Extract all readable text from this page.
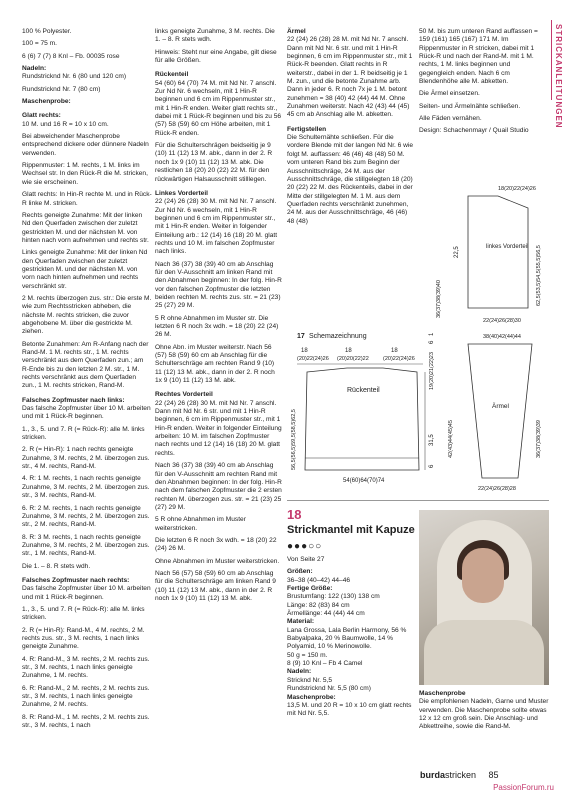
STRICKANLEITUNGEN

100 % Polyester.

100 = 75 m.

6 (6) 7 (7) 8 Knl – Fb. 00035 rose

Nadeln:

Rundstricknd Nr. 6 (80 und 120 cm)

Rundstricknd Nr. 7 (80 cm)

Maschenprobe:
Glatt rechts:

10 M. und 16 R = 10 x 10 cm.

Bei abweichender Maschenprobe entsprechend dickere oder dünnere Nadeln verwenden.

Rippenmuster: 1 M. rechts, 1 M. links im Wechsel str. In den Rück-R die M. stricken, wie sie erscheinen.

Glatt rechts: In Hin-R rechte M. und in Rück-R linke M. stricken.

Rechts geneigte Zunahme: Mit der linken Nd den Querfaden zwischen der zuletzt gestrickten M. und der nächsten M. von hinten nach vorn aufnehmen und rechts str.

Links geneigte Zunahme: Mit der linken Nd den Querfaden zwischen der zuletzt gestrickten M. und der nächsten M. von vorn nach hinten aufnehmen und rechts verschränkt str.

2 M. rechts überzogen zus. str.: Die erste M. wie zum Rechtsstricken abheben, die nächste M. rechts stricken, die zuvor abgehobene M. über die gestrickte M. ziehen.

Betonte Zunahmen: Am R-Anfang nach der Rand-M. 1 M. rechts str., 1 M. rechts verschränkt aus dem Querfaden zun.; am R-Ende bis zu den letzten 2 M. str., 1 M. rechts verschränkt aus dem Querfaden zun., 1 M. rechts stricken, Rand-M.

Falsches Zopfmuster nach links:

Das falsche Zopfmuster über 10 M. arbeiten und mit 1 Rück-R beginnen.

1., 3., 5. und 7. R (= Rück-R): alle M. links stricken.

2. R (= Hin-R): 1 nach rechts geneigte Zunahme, 3 M. rechts, 2 M. überzogen zus. str., 4 M. rechts, Rand-M.

4. R: 1 M. rechts, 1 nach rechts geneigte Zunahme, 3 M. rechts, 2 M. überzogen zus. str., 3 M. rechts, Rand-M.

6. R: 2 M. rechts, 1 nach rechts geneigte Zunahme, 3 M. rechts, 2 M. überzogen zus. str., 2 M. rechts, Rand-M.

8. R: 3 M. rechts, 1 nach rechts geneigte Zunahme, 3 M. rechts, 2 M. überzogen zus. str., 1 M. rechts, Rand-M.

Die 1. – 8. R stets wdh.

Falsches Zopfmuster nach rechts:

Das falsche Zopfmuster über 10 M. arbeiten und mit 1 Rück-R beginnen.

1., 3., 5. und 7. R (= Rück-R): alle M. links stricken.

2. R (= Hin-R): Rand-M., 4 M. rechts, 2 M. rechts zus. str., 3 M. rechts, 1 nach links geneigte Zunahme.

4. R: Rand-M., 3 M. rechts, 2 M. rechts zus. str., 3 M. rechts, 1 nach links geneigte Zunahme, 1 M. rechts.

6. R: Rand-M., 2 M. rechts, 2 M. rechts zus. str., 3 M. rechts, 1 nach links geneigte Zunahme, 2 M. rechts.

8. R: Rand-M., 1 M. rechts, 2 M. rechts zus. str., 3 M. rechts, 1 nach

links geneigte Zunahme, 3 M. rechts. Die 1. – 8. R stets wdh.

Hinweis: Steht nur eine Angabe, gilt diese für alle Größen.

Rückenteil

54 (60) 64 (70) 74 M. mit Nd Nr. 7 anschl. Zur Nd Nr. 6 wechseln, mit 1 Hin-R beginnen und 6 cm im Rippenmuster str., mit 1 Hin-R enden. Weiter glatt rechts str., dabei mit 1 Rück-R beginnen und bis zu 56 (57) 58 (59) 60 cm Höhe arbeiten, mit 1 Rück-R enden.

Für die Schulterschrägen beidseitig je 9 (10) 11 (12) 13 M. abk., dann in der 2. R noch 1x 9 (10) 11 (12) 13 M. abk. Die restlichen 18 (20) 20 (22) 22 M. für den rückwärtigen Halsausschnitt stilllegen.

Linkes Vorderteil

22 (24) 26 (28) 30 M. mit Nd Nr. 7 anschl. Zur Nd Nr. 6 wechseln, mit 1 Hin-R beginnen und 6 cm im Rippenmuster str., mit 1 Hin-R enden. Weiter in folgender Einteilung arb.: 12 (14) 16 (18) 20 M. glatt rechts und 10 M. im falschen Zopfmuster nach links.

Nach 36 (37) 38 (39) 40 cm ab Anschlag für den V-Ausschnitt am linken Rand mit den Abnahmen beginnen: In der folg. Hin-R vor den falschen Zopfmuster die letzten beiden rechten M. rechts zus. str. = 21 (23) 25 (27) 29 M.

5 R ohne Abnahmen im Muster str. Die letzten 6 R noch 3x wdh. = 18 (20) 22 (24) 26 M.

Ohne Abn. im Muster weiterstr. Nach 56 (57) 58 (59) 60 cm ab Anschlag für die Schulterschräge am rechten Rand 9 (10) 11 (12) 13 M. abk., dann in der 2. R noch 1x 9 (10) 11 (12) 13 M. abk.

Rechtes Vorderteil

22 (24) 26 (28) 30 M. mit Nd Nr. 7 anschl. Dann mit Nd Nr. 6 str. und mit 1 Hin-R beginnen, 6 cm im Rippenmuster str., mit 1 Hin-R enden. Weiter in folgender Einteilung arbeiten: 10 M. im falschen Zopfmuster nach rechts und 12 (14) 16 (18) 20 M. glatt rechts.

Nach 36 (37) 38 (39) 40 cm ab Anschlag für den V-Ausschnitt am rechten Rand mit den Abnahmen beginnen: In der folg. Hin-R nach dem falschen Zopfmuster die 2 ersten rechten M. überzogen zus. str. = 21 (23) 25 (27) 29 M.

5 R ohne Abnahmen im Muster weiterstricken.

Die letzten 6 R noch 3x wdh. = 18 (20) 22 (24) 26 M.

Ohne Abnahmen im Muster weiterstricken.

Nach 56 (57) 58 (59) 60 cm ab Anschlag für die Schulterschräge am linken Rand 9 (10) 11 (12) 13 M. abk., dann in der 2. R noch 1x 9 (10) 11 (12) 13 M. abk.

Ärmel

22 (24) 26 (28) 28 M. mit Nd Nr. 7 anschl. Dann mit Nd Nr. 6 str. und mit 1 Hin-R beginnen, 6 cm im Rippenmuster str., mit 1 Rück-R beenden. Glatt rechts in R weiterstr., dabei in der 1. R beidseitig je 1 M. zun., und die betonte Zunahme arb. Dann in jeder 6. R noch 7x je 1 M. betont zunehmen = 38 (40) 42 (44) 44 M. Ohne Zunahmen weiterstr. Nach 42 (43) 44 (45) 45 cm ab Anschlag alle M. abketten.

Fertigstellen

Die Schulternähte schließen. Für die vordere Blende mit der langen Nd Nr. 6 wie folgt M. auffassen: 46 (46) 48 (48) 50 M. vom unteren Rand bis zum Beginn der Ausschnittschräge, 24 M. aus der Ausschnittschräge, die stillgelegten 18 (20) 20 (22) 22 M. des Rückenteils, dabei in der Mitte der stillgelegten M. 1 M. aus dem Querfaden rechts verschränkt zunehmen, 24 M. aus der Ausschnittschräge, 46 (46) 48 (48)

50 M. bis zum unteren Rand auffassen = 159 (161) 165 (167) 171 M. Im Rippenmuster in R stricken, dabei mit 1 Rück-R und nach der Rand-M. mit 1 M. rechts, 1 M. links beginnen und gegengleich enden. Nach 6 cm Blendenhöhe alle M. abketten.

Die Ärmel einsetzen.

Seiten- und Ärmelnähte schließen.

Alle Fäden vernähen.

Design: Schachenmayr / Quail Studio

17 Schemazeichnung
18
(20)22(24)26
18
(20)20(22)22
18
(20)22(24)26
Rückenteil
56,5(56,5)59,5(58,5)62,5
54(60)64(70)74
31,5
19(20)21(22)23
6
6
1
18(20)22(24)26
22,5	linkes Vorderteil 62,5(53,5)54,5(55,5)56,5
36(37)38(39)40
22(24)26(28)30
38(40)42(44)44
Ärmel
42(43)44(45)45	36(37)38(39)39
22(24)26(28)28
18
Strickmantel mit Kapuze
●●●○○

Von Seite 27

Größen:
36–38 (40–42) 44–46
Fertige Größe:
Brustumfang: 122 (130) 138 cm
Länge: 82 (83) 84 cm
Ärmellänge: 44 (44) 44 cm
Material:
Lana Grossa, Lala Berlin Harmony, 56 % Babyalpaka, 20 % Baumwolle, 14 % Polyamid, 10 % Merinowolle.
50 g = 150 m.
8 (9) 10 Knl – Fb 4 Camel
Nadeln:
Stricknd Nr. 5,5
Rundstricknd Nr. 5,5 (80 cm)
Maschenprobe:
13,5 M. und 20 R = 10 x 10 cm glatt rechts mit Nd Nr. 5,5.
Maschenprobe
Die empfohlenen Nadeln, Garne und Muster verwenden. Die Maschenprobe sollte etwas 12 x 12 cm groß sein. Die Anschlag- und Abkettreihe, sowie die Rand-M.
burdastricken 85
PassionForum.ru
